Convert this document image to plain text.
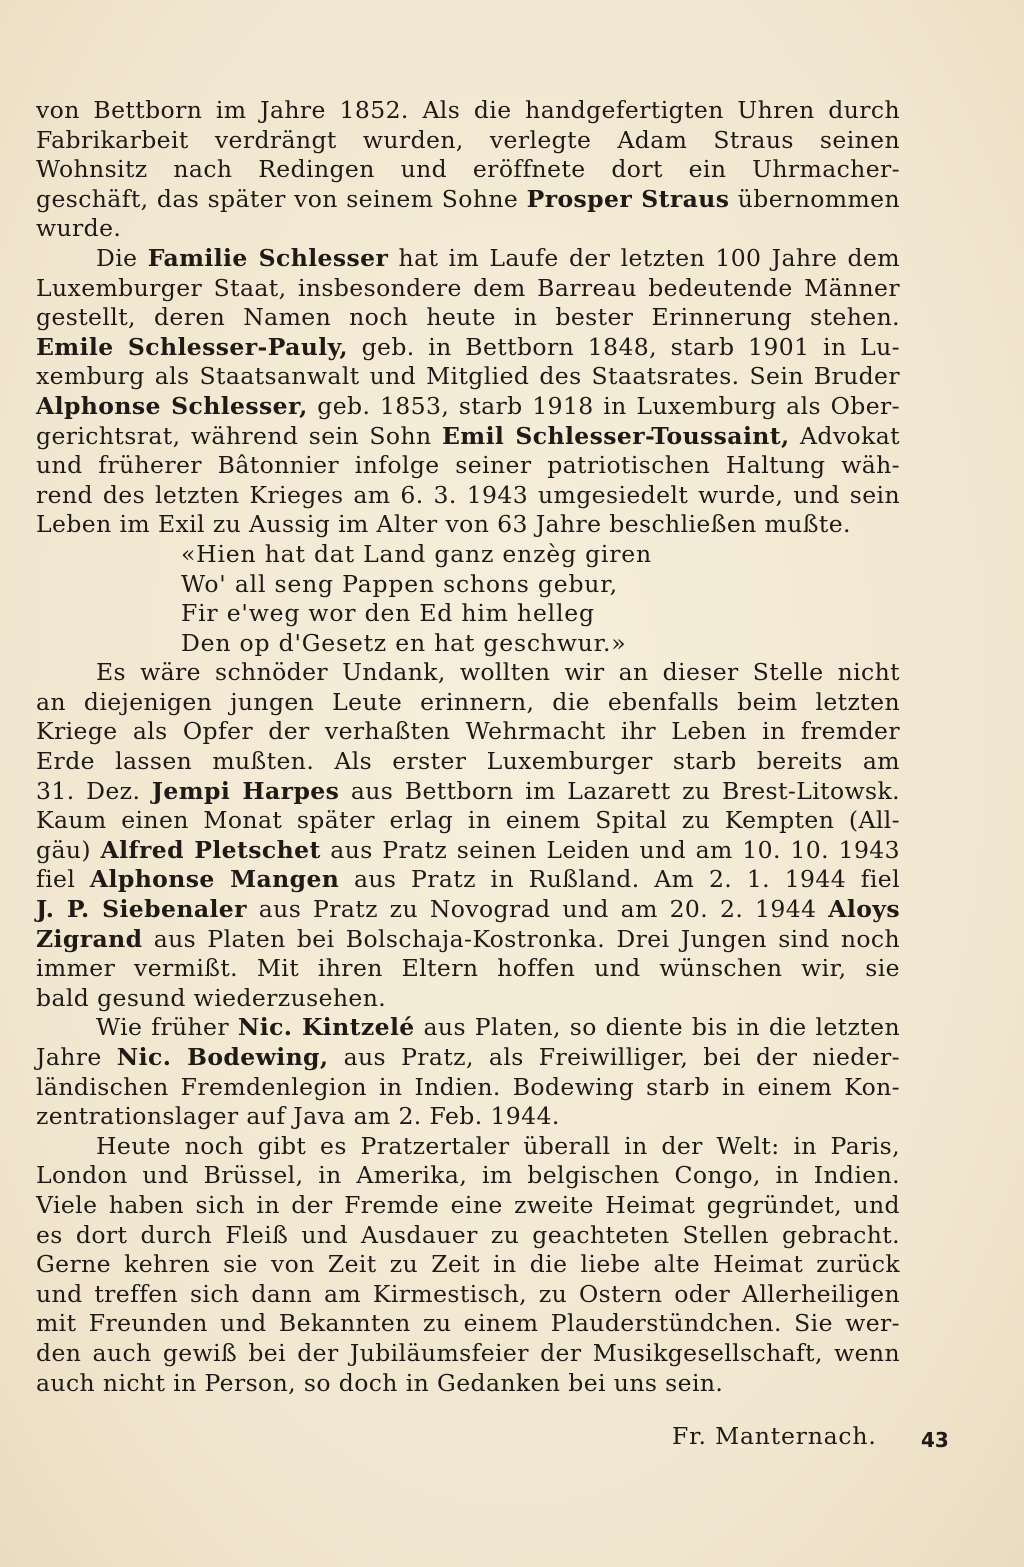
von Bettborn im Jahre 1852. Als die handgefertigten Uhren durch
Fabrikarbeit verdrängt wurden, verlegte Adam Straus seinen
Wohnsitz nach Redingen und eröffnete dort ein Uhrmacher-
geschäft, das später von seinem Sohne Prosper Straus übernommen
wurde.
Die Familie Schlesser hat im Laufe der letzten 100 Jahre dem
Luxemburger Staat, insbesondere dem Barreau bedeutende Männer
gestellt, deren Namen noch heute in bester Erinnerung stehen.
Emile Schlesser-Pauly, geb. in Bettborn 1848, starb 1901 in Lu-
xemburg als Staatsanwalt und Mitglied des Staatsrates. Sein Bruder
Alphonse Schlesser, geb. 1853, starb 1918 in Luxemburg als Ober-
gerichtsrat, während sein Sohn Emil Schlesser-Toussaint, Advokat
und früherer Bâtonnier infolge seiner patriotischen Haltung wäh-
rend des letzten Krieges am 6. 3. 1943 umgesiedelt wurde, und sein
Leben im Exil zu Aussig im Alter von 63 Jahre beschließen mußte.
«Hien hat dat Land ganz enzèg giren
Wo' all seng Pappen schons gebur,
Fir e'weg wor den Ed him helleg
Den op d'Gesetz en hat geschwur.»
Es wäre schnöder Undank, wollten wir an dieser Stelle nicht
an diejenigen jungen Leute erinnern, die ebenfalls beim letzten
Kriege als Opfer der verhaßten Wehrmacht ihr Leben in fremder
Erde lassen mußten. Als erster Luxemburger starb bereits am
31. Dez. Jempi Harpes aus Bettborn im Lazarett zu Brest-Litowsk.
Kaum einen Monat später erlag in einem Spital zu Kempten (All-
gäu) Alfred Pletschet aus Pratz seinen Leiden und am 10. 10. 1943
fiel Alphonse Mangen aus Pratz in Rußland. Am 2. 1. 1944 fiel
J. P. Siebenaler aus Pratz zu Novograd und am 20. 2. 1944 Aloys
Zigrand aus Platen bei Bolschaja-Kostronka. Drei Jungen sind noch
immer vermißt. Mit ihren Eltern hoffen und wünschen wir, sie
bald gesund wiederzusehen.
Wie früher Nic. Kintzelé aus Platen, so diente bis in die letzten
Jahre Nic. Bodewing, aus Pratz, als Freiwilliger, bei der nieder-
ländischen Fremdenlegion in Indien. Bodewing starb in einem Kon-
zentrationslager auf Java am 2. Feb. 1944.
Heute noch gibt es Pratzertaler überall in der Welt: in Paris,
London und Brüssel, in Amerika, im belgischen Congo, in Indien.
Viele haben sich in der Fremde eine zweite Heimat gegründet, und
es dort durch Fleiß und Ausdauer zu geachteten Stellen gebracht.
Gerne kehren sie von Zeit zu Zeit in die liebe alte Heimat zurück
und treffen sich dann am Kirmestisch, zu Ostern oder Allerheiligen
mit Freunden und Bekannten zu einem Plauderstündchen. Sie wer-
den auch gewiß bei der Jubiläumsfeier der Musikgesellschaft, wenn
auch nicht in Person, so doch in Gedanken bei uns sein.
Fr. Manternach. 43
